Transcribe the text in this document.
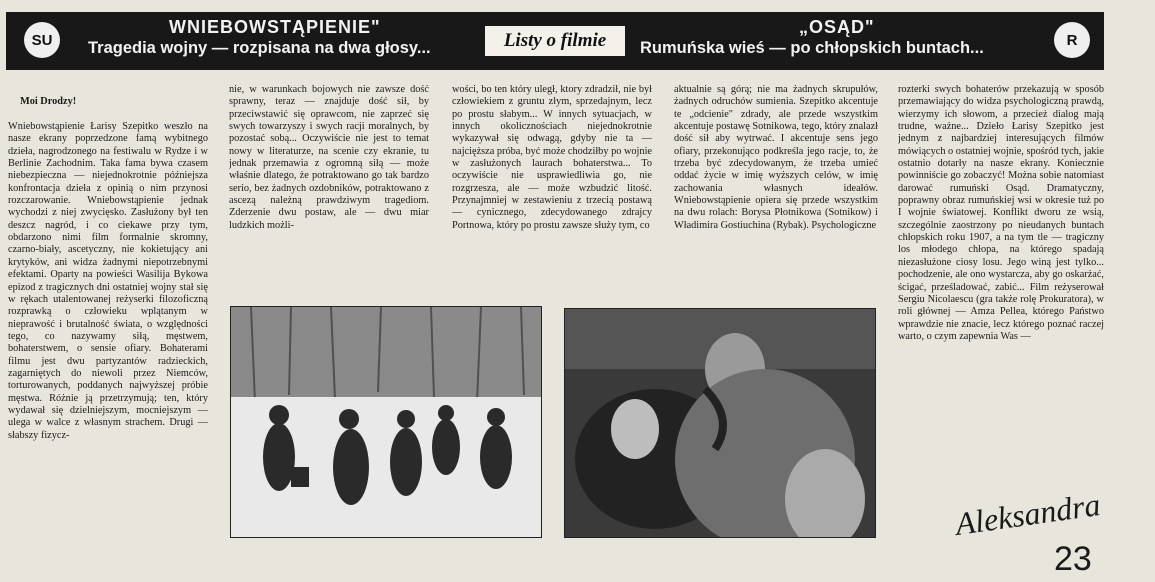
SU
WNIEBOWSTĄPIENIE"
Tragedia wojny — rozpisana na dwa głosy...	Listy o filmie
„OSĄD"
Rumuńska wieś — po chłopskich buntach...	R

Moi Drodzy!

Wniebowstąpienie Łarisy Szepitko weszło na nasze ekrany poprzedzone famą wybitnego dzieła, nagrodzonego na festiwalu w Rydze i w Berlinie Zachodnim. Taka fama bywa czasem niebezpieczna — niejednokrotnie późniejsza konfrontacja dzieła z opinią o nim przynosi rozczarowanie. Wniebowstąpienie jednak wychodzi z niej zwycięsko. Zasłużony był ten deszcz nagród, i co ciekawe przy tym, obdarzono nimi film formalnie skromny, czarno-biały, ascetyczny, nie kokietujący ani krytyków, ani widza żadnymi niepotrzebnymi efektami. Oparty na powieści Wasilija Bykowa epizod z tragicznych dni ostatniej wojny stał się w rękach utalentowanej reżyserki filozoficzną rozprawką o człowieku wplątanym w nieprawość i brutalność świata, o względności tego, co nazywamy siłą, męstwem, bohaterstwem, o sensie ofiary. Bohaterami filmu jest dwu partyzantów radzieckich, zagarniętych do niewoli przez Niemców, torturowanych, poddanych najwyższej próbie męstwa. Różnie ją przetrzymują; ten, który wydawał się dzielniejszym, mocniejszym — ulega w walce z własnym strachem. Drugi — słabszy fizycz-

nie, w warunkach bojowych nie zawsze dość sprawny, teraz — znajduje dość sił, by przeciwstawić się oprawcom, nie zaprzeć się swych towarzyszy i swych racji moralnych, by pozostać sobą... Oczywiście nie jest to temat nowy w literaturze, na scenie czy ekranie, tu jednak przemawia z ogromną siłą — może właśnie dlatego, że potraktowano go tak bardzo serio, bez żadnych ozdobników, potraktowano z ascezą należną prawdziwym tragediom. Zderzenie dwu postaw, ale — dwu miar ludzkich możli-
wości, bo ten który uległ, ktory zdradził, nie był człowiekiem z gruntu złym, sprzedajnym, lecz po prostu słabym... W innych sytuacjach, w innych okolicznościach niejednokrotnie wykazywał się odwagą, gdyby nie ta — najcięższa próba, być może chodziłby po wojnie w zasłużonych laurach bohaterstwa... To oczywiście nie usprawiedliwia go, nie rozgrzesza, ale — może wzbudzić litość. Przynajmniej w zestawieniu z trzecią postawą — cynicznego, zdecydowanego zdrajcy Portnowa, który po prostu zawsze służy tym, co
aktualnie są górą; nie ma żadnych skrupułów, żadnych odruchów sumienia. Szepitko akcentuje te „odcienie" zdrady, ale przede wszystkim akcentuje postawę Sotnikowa, tego, który znalazł dość sił aby wytrwać. I akcentuje sens jego ofiary, przekonująco podkreśla jego racje, to, że trzeba być zdecydowanym, że trzeba umieć oddać życie w imię wyższych celów, w imię zachowania własnych ideałów. Wniebowstąpienie opiera się przede wszystkim na dwu rolach: Borysa Płotnikowa (Sotnikow) i Władimira Gostiuchina (Rybak). Psychologiczne
rozterki swych bohaterów przekazują w sposób przemawiający do widza psychologiczną prawdą, wierzymy ich słowom, a przecież dialog mają trudne, ważne... Dzieło Łarisy Szepitko jest jednym z najbardziej interesujących filmów mówiących o ostatniej wojnie, spośród tych, jakie ostatnio dotarły na nasze ekrany. Koniecznie powinniście go zobaczyć! Można sobie natomiast darować rumuński Osąd. Dramatyczny, poprawny obraz rumuńskiej wsi w okresie tuż po I wojnie światowej. Konflikt dworu ze wsią, szczególnie zaostrzony po nieudanych buntach chłopskich roku 1907, a na tym tle — tragiczny los młodego chłopa, na którego spadają niezasłużone ciosy losu. Jego winą jest tylko... pochodzenie, ale ono wystarcza, aby go oskarżać, ścigać, prześladować, zabić... Film reżyserował Sergiu Nicolaescu (gra także rolę Prokuratora), w roli głównej — Amza Pellea, którego Państwo wprawdzie nie znacie, lecz którego poznać raczej warto, o czym zapewnia Was —
Aleksandra
23
